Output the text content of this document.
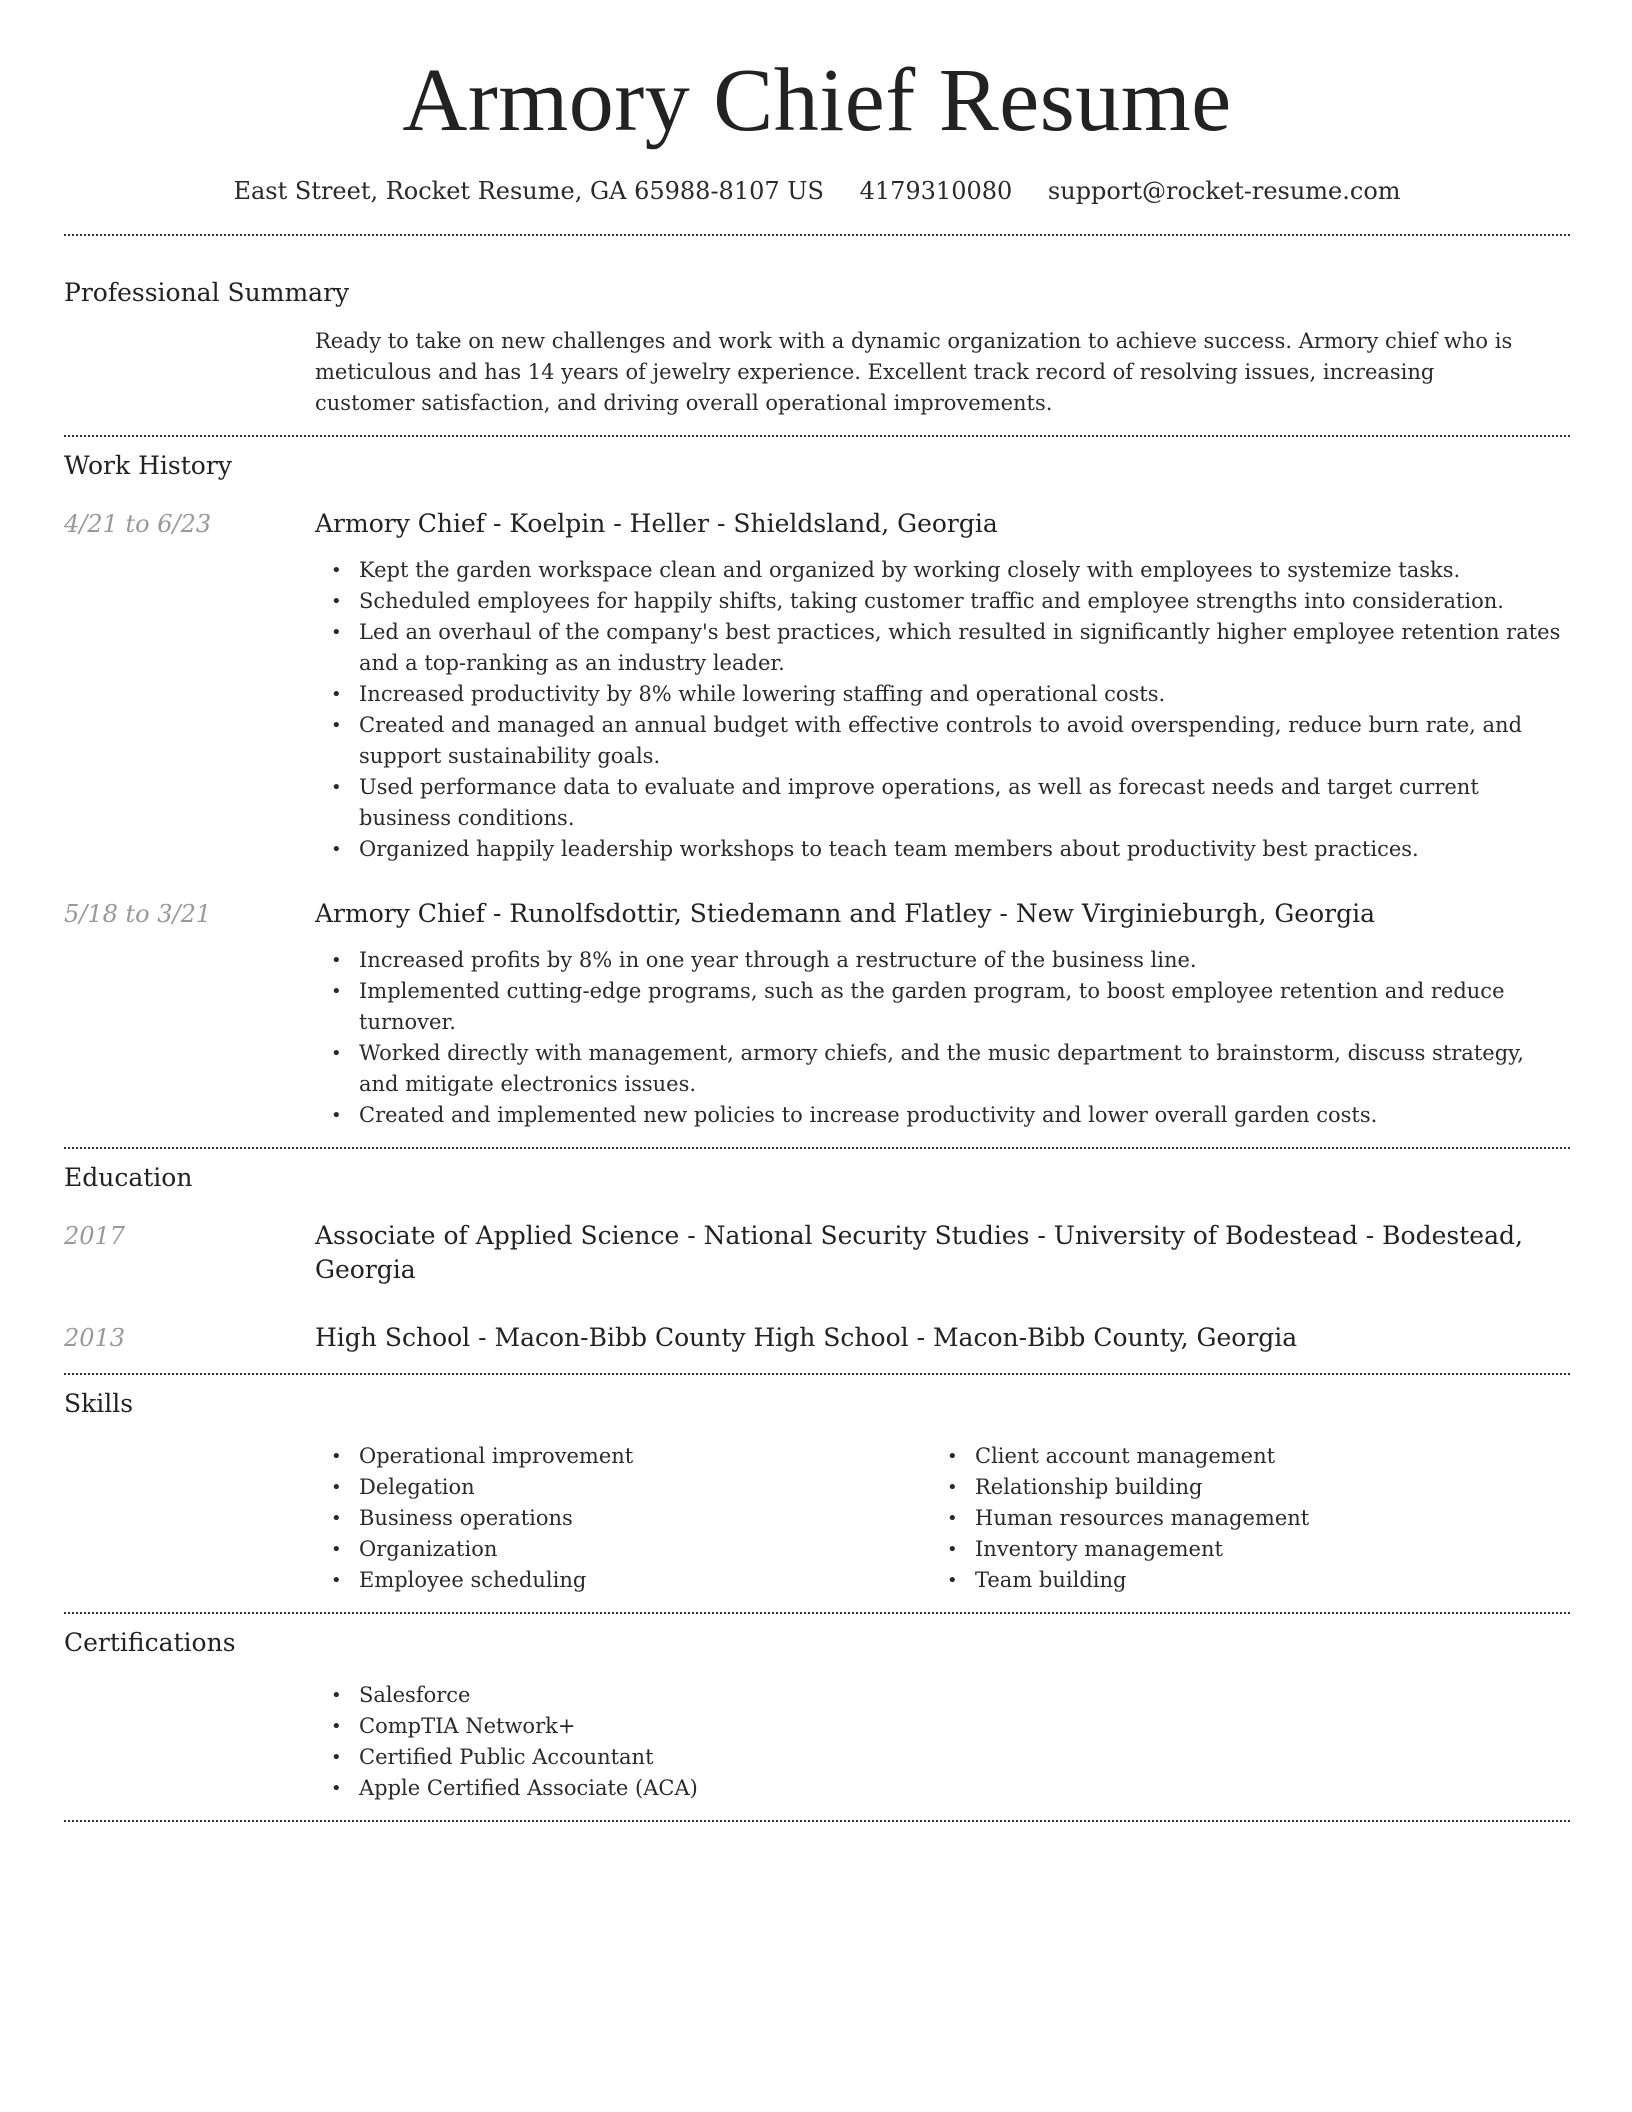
Armory Chief Resume
East Street, Rocket Resume, GA 65988-8107 US 4179310080 support@rocket-resume.com
Professional Summary

Ready to take on new challenges and work with a dynamic organization to achieve success. Armory chief who is meticulous and has 14 years of jewelry experience. Excellent track record of resolving issues, increasing customer satisfaction, and driving overall operational improvements.

Work History
4/21 to 6/23	Armory Chief - Koelpin - Heller - Shieldsland, Georgia
• Kept the garden workspace clean and organized by working closely with employees to systemize tasks.
• Scheduled employees for happily shifts, taking customer traffic and employee strengths into consideration.
• Led an overhaul of the company's best practices, which resulted in significantly higher employee retention rates and a top-ranking as an industry leader.
• Increased productivity by 8% while lowering staffing and operational costs.
• Created and managed an annual budget with effective controls to avoid overspending, reduce burn rate, and support sustainability goals.
• Used performance data to evaluate and improve operations, as well as forecast needs and target current business conditions.
• Organized happily leadership workshops to teach team members about productivity best practices.
5/18 to 3/21	Armory Chief - Runolfsdottir, Stiedemann and Flatley - New Virginieburgh, Georgia
• Increased profits by 8% in one year through a restructure of the business line.
• Implemented cutting-edge programs, such as the garden program, to boost employee retention and reduce turnover.
• Worked directly with management, armory chiefs, and the music department to brainstorm, discuss strategy, and mitigate electronics issues.
• Created and implemented new policies to increase productivity and lower overall garden costs.
Education
2017	Associate of Applied Science - National Security Studies - University of Bodestead - Bodestead, Georgia
2013	High School - Macon-Bibb County High School - Macon-Bibb County, Georgia
Skills
• Operational improvement
• Delegation
• Business operations
• Organization
• Employee scheduling
• Client account management
• Relationship building
• Human resources management
• Inventory management
• Team building
Certifications
• Salesforce
• CompTIA Network+
• Certified Public Accountant
• Apple Certified Associate (ACA)
